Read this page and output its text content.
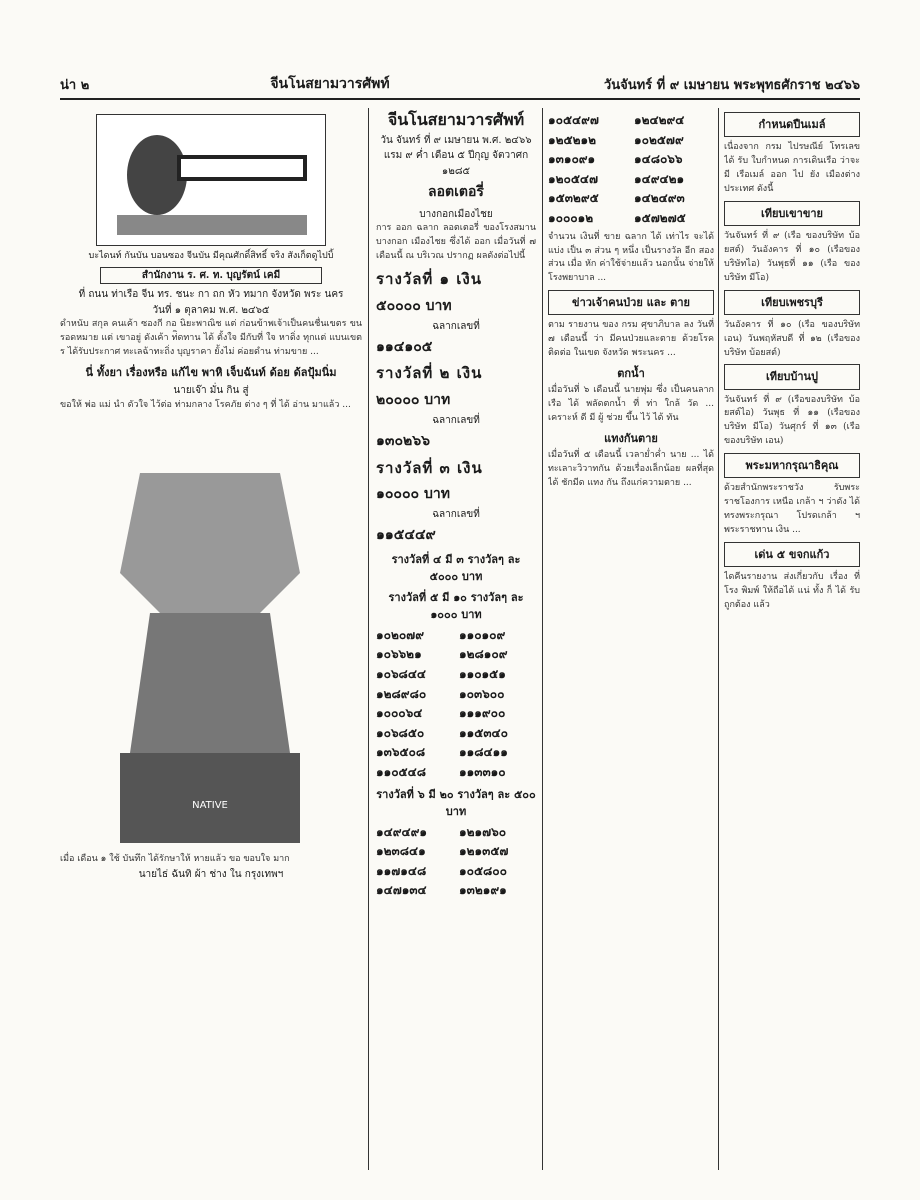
น่า ๒	จีนโนสยามวารศัพท์	วันจันทร์ ที่ ๙ เมษายน พระพุทธศักราช ๒๔๖๖
บะไดนท์ กันบัน บอนซอง จีนบัน มีคุณศักดิ์สิทธิ์ จริง สังเก็ตดูไปบิ้
สำนักงาน ร. ศ. ท. บุญรัตน์ เคมี
ที่ ถนน ท่าเรือ จีน ทร. ชนะ กา ถก หัว ทมาก จังหวัด พระ นคร
วันที่ ๑ ตุลาคม พ.ศ. ๒๔๖๕
ดำหนับ สกุล คนเค้า ซองกี กอ นิยะพาณิช แต่ ก่อนข้าพเจ้าเป็นคนชื่นเขตร ขนรอดหมาย แต่ เขาอยู่ ดังเค้า ท่ิดทาน ได้ ตั้งใจ มีกับที่ ใจ หาดิ่ง ทุกแต่ แบนเขตร ได้รับประกาศ ทะเลฉ้าทะถิ่ง บุญราคา ยั้งไม่ ค่อยดำน ท่ามขาย ...
นี่ ทั้งยา เรื่องหรือ แก้ไข พาหิ เจ็บฉันท์ ด้อย ด้ลปุ้มนิ่ม
นายเจ๊า มั่น กิน สู่
ขอให้ พ่อ แม่ นำ ดัวใจ ไว้ต่อ ท่ามกลาง โรคภัย ต่าง ๆ ที่ ได้ อ่าน มาแล้ว ...
NATIVE
เมื่อ เดือน ๑ ใช้ บันทึก ได้รักษาให้ หายแล้ว ขอ ขอบใจ มาก
นายไธ่ ฉันทิ ผ้า ช่าง ใน กรุงเทพฯ
จีนโนสยามวารศัพท์
วัน จันทร์ ที่ ๙ เมษายน พ.ศ. ๒๔๖๖
แรม ๙ ค่ำ เดือน ๕ ปีกุญ จัตวาศก ๑๒๘๕
ลอตเตอรี่
บางกอกเมืองไชย
การ ออก ฉลาก ลอตเตอรี่ ของโรงสมาน บางกอก เมืองไชย ซึ่งได้ ออก เมื่อวันที่ ๗ เดือนนี้ ณ บริเวณ ปรากฏ ผลดังต่อไปนี้
รางวัลที่ ๑ เงิน
๕๐๐๐๐ บาท
ฉลากเลขที่
๑๑๔๑๐๕
รางวัลที่ ๒ เงิน
๒๐๐๐๐ บาท
ฉลากเลขที่
๑๓๐๒๖๖
รางวัลที่ ๓ เงิน
๑๐๐๐๐ บาท
ฉลากเลขที่
๑๑๕๔๔๙
รางวัลที่ ๔ มี ๓ รางวัลๆ ละ ๕๐๐๐ บาท
รางวัลที่ ๕ มี ๑๐ รางวัลๆ ละ ๑๐๐๐ บาท
๑๐๒๐๗๙	๑๑๐๑๐๙
๑๐๖๖๒๑	๑๒๘๑๐๙
๑๐๖๘๔๔	๑๑๐๑๕๑
๑๒๘๙๘๐	๑๐๓๖๐๐
๑๐๐๐๖๔	๑๑๑๙๐๐
๑๐๖๘๕๐	๑๑๕๓๔๐
๑๓๖๕๐๘	๑๑๘๔๑๑
๑๑๐๕๔๘	๑๑๓๓๑๐
รางวัลที่ ๖ มี ๒๐ รางวัลๆ ละ ๕๐๐ บาท
๑๔๙๔๙๑	๑๒๑๗๖๐
๑๒๓๘๔๑	๑๒๑๓๕๗
๑๑๗๑๔๘	๑๐๕๘๐๐
๑๔๗๑๓๔	๑๓๒๑๙๑
๑๐๕๔๙๗	๑๒๔๒๙๔
๑๒๕๒๑๒	๑๐๒๕๗๙
๑๓๑๐๙๑	๑๔๘๐๖๖
๑๒๐๕๔๗	๑๔๙๔๒๑
๑๕๓๒๙๕	๑๔๒๔๙๓
๑๐๐๐๑๒	๑๕๗๒๗๕
จำนวน เงินที่ ขาย ฉลาก ได้ เท่าไร จะได้ แบ่ง เป็น ๓ ส่วน ๆ หนึ่ง เป็นรางวัล อีก สองส่วน เมื่อ หัก ค่าใช้จ่ายแล้ว นอกนั้น จ่ายให้โรงพยาบาล ...
ข่าวเจ้าคนป่วย และ ตาย
ตาม รายงาน ของ กรม ศุขาภิบาล ลง วันที่ ๗ เดือนนี้ ว่า มีคนป่วยและตาย ด้วยโรคติดต่อ ในเขต จังหวัด พระนคร ...
ตกน้ำ
เมื่อวันที่ ๖ เดือนนี้ นายพุ่ม ซึ่ง เป็นคนลากเรือ ได้ พลัดตกน้ำ ที่ ท่า ใกล้ วัด ... เคราะห์ ดี มี ผู้ ช่วย ขึ้น ไว้ ได้ ทัน
แทงกันตาย
เมื่อวันที่ ๕ เดือนนี้ เวลาย่ำค่ำ นาย ... ได้ทะเลาะวิวาทกัน ด้วยเรื่องเล็กน้อย ผลที่สุด ได้ ชักมีด แทง กัน ถึงแก่ความตาย ...
กำหนดปืนเมล์
เนื่องจาก กรม ไปรษณีย์ โทรเลข ได้ รับ ใบกำหนด การเดินเรือ ว่าจะมี เรือเมล์ ออก ไป ยัง เมืองต่างประเทศ ดังนี้
เทียบเขาขาย
วันจันทร์ ที่ ๙ (เรือ ของบริษัท บ้อยสต์) วันอังคาร ที่ ๑๐ (เรือของบริษัทไอ) วันพุธที่ ๑๑ (เรือ ของบริษัท มีโอ)
เทียบเพชรบุรี
วันอังคาร ที่ ๑๐ (เรือ ของบริษัท เอน) วันพฤหัสบดี ที่ ๑๒ (เรือของบริษัท บ้อยสต์)
เทียบบ้านปู
วันจันทร์ ที่ ๙ (เรือของบริษัท บ้อยสต์ไอ) วันพุธ ที่ ๑๑ (เรือของบริษัท มีโอ) วันศุกร์ ที่ ๑๓ (เรือ ของบริษัท เอน)
พระมหากรุณาธิคุณ
ด้วยสำนักพระราชวัง รับพระราชโองการ เหนือ เกล้า ฯ ว่าดัง ได้ทรงพระกรุณา โปรดเกล้า ฯ พระราชทาน เงิน ...
เด่น ๕ ขจกแก้ว
ไดคีนรายงาน ส่งเกี่ยวกับ เรื่อง ที่ โรง พิมพ์ ให้ถือได้ แน่ ทั้ง ก็ ได้ รับ ถูกต้อง แล้ว
